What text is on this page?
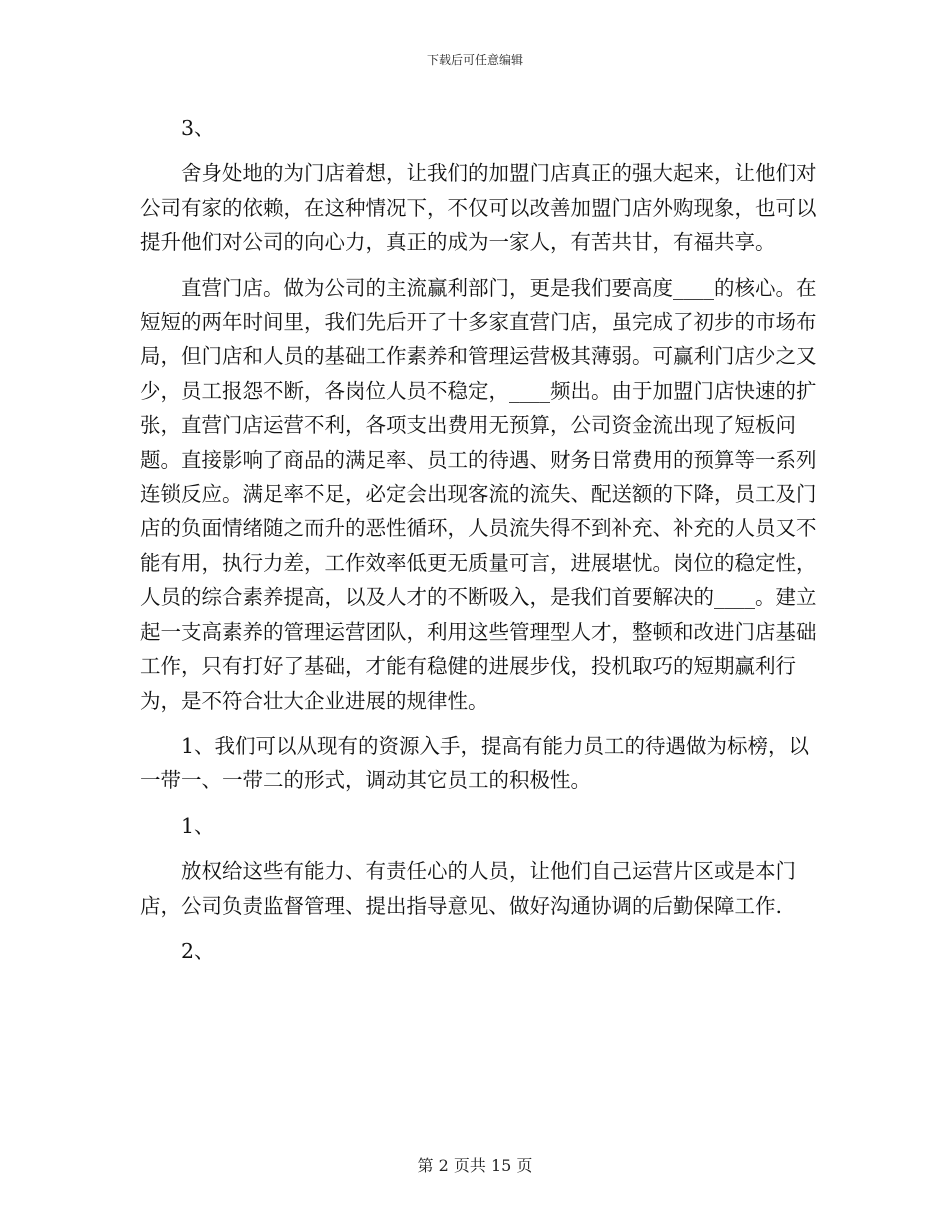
下载后可任意编辑

3、

舍身处地的为门店着想，让我们的加盟门店真正的强大起来，让他们对公司有家的依赖，在这种情况下，不仅可以改善加盟门店外购现象，也可以提升他们对公司的向心力，真正的成为一家人，有苦共甘，有福共享。

直营门店。做为公司的主流赢利部门，更是我们要高度____的核心。在短短的两年时间里，我们先后开了十多家直营门店，虽完成了初步的市场布局，但门店和人员的基础工作素养和管理运营极其薄弱。可赢利门店少之又少，员工报怨不断，各岗位人员不稳定，____频出。由于加盟门店快速的扩张，直营门店运营不利，各项支出费用无预算，公司资金流出现了短板问题。直接影响了商品的满足率、员工的待遇、财务日常费用的预算等一系列连锁反应。满足率不足，必定会出现客流的流失、配送额的下降，员工及门店的负面情绪随之而升的恶性循环，人员流失得不到补充、补充的人员又不能有用，执行力差，工作效率低更无质量可言，进展堪忧。岗位的稳定性，人员的综合素养提高，以及人才的不断吸入，是我们首要解决的____。建立起一支高素养的管理运营团队，利用这些管理型人才，整顿和改进门店基础工作，只有打好了基础，才能有稳健的进展步伐，投机取巧的短期赢利行为，是不符合壮大企业进展的规律性。

1、我们可以从现有的资源入手，提高有能力员工的待遇做为标榜，以一带一、一带二的形式，调动其它员工的积极性。

1、

放权给这些有能力、有责任心的人员，让他们自己运营片区或是本门店，公司负责监督管理、提出指导意见、做好沟通协调的后勤保障工作.

2、

第 2 页共 15 页
